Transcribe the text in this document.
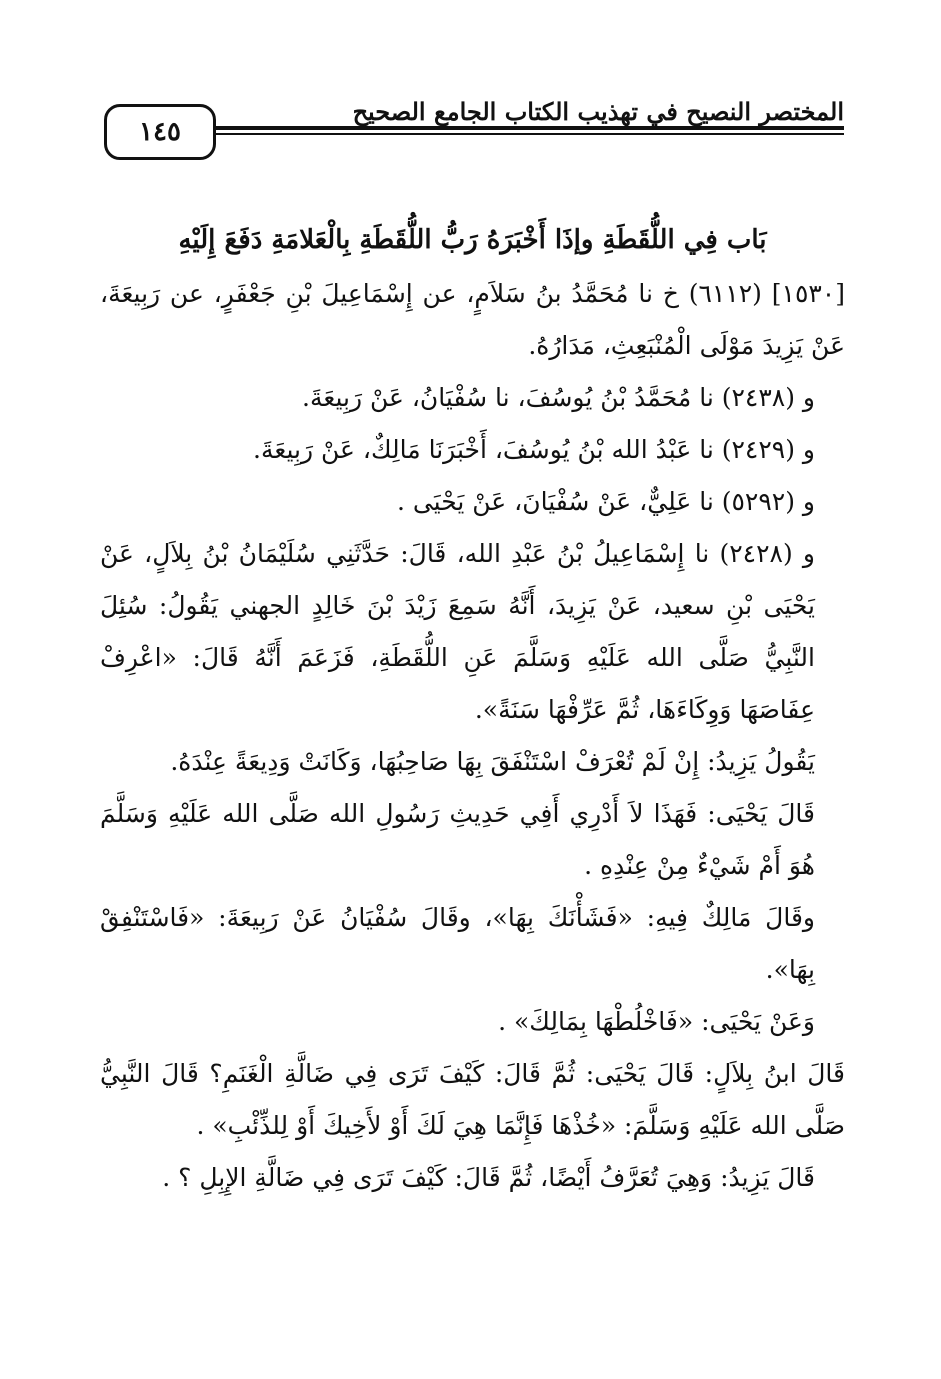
١٤٥
المختصر النصيح في تهذيب الكتاب الجامع الصحيح
بَاب فِي اللُّقَطَةِ وإذَا أَخْبَرَهُ رَبُّ اللُّقَطَةِ بِالْعَلامَةِ دَفَعَ إِلَيْهِ

[١٥٣٠] (٦١١٢) خ نا مُحَمَّدُ بنُ سَلاَمٍ، عن إِسْمَاعِيلَ بْنِ جَعْفَرٍ، عن رَبِيعَةَ، عَنْ يَزِيدَ مَوْلَى الْمُنْبَعِثِ، مَدَارُهُ.

و (٢٤٣٨) نا مُحَمَّدُ بْنُ يُوسُفَ، نا سُفْيَانُ، عَنْ رَبِيعَةَ.

و (٢٤٢٩) نا عَبْدُ الله بْنُ يُوسُفَ، أَخْبَرَنَا مَالِكٌ، عَنْ رَبِيعَةَ.

و (٥٢٩٢) نا عَلِيٌّ، عَنْ سُفْيَانَ، عَنْ يَحْيَى .

و (٢٤٢٨) نا إِسْمَاعِيلُ بْنُ عَبْدِ الله، قَالَ: حَدَّثَنِي سُلَيْمَانُ بْنُ بِلاَلٍ، عَنْ يَحْيَى بْنِ سعيد، عَنْ يَزِيدَ، أَنَّهُ سَمِعَ زَيْدَ بْنَ خَالِدٍ الجهني يَقُولُ: سُئِلَ النَّبِيُّ صَلَّى الله عَلَيْهِ وَسَلَّمَ عَنِ اللُّقَطَةِ، فَزَعَمَ أَنَّهُ قَالَ: «اعْرِفْ عِفَاصَهَا وَوِكَاءَهَا، ثُمَّ عَرِّفْهَا سَنَةً».

يَقُولُ يَزِيدُ: إِنْ لَمْ تُعْرَفْ اسْتَنْفَقَ بِهَا صَاحِبُهَا، وَكَانَتْ وَدِيعَةً عِنْدَهُ.

قَالَ يَحْيَى: فَهَذَا لاَ أَدْرِي أَفِي حَدِيثِ رَسُولِ الله صَلَّى الله عَلَيْهِ وَسَلَّمَ هُوَ أَمْ شَيْءٌ مِنْ عِنْدِهِ .

وقَالَ مَالِكٌ فِيهِ: «فَشَأْنَكَ بِهَا»، وقَالَ سُفْيَانُ عَنْ رَبِيعَةَ: «فَاسْتَنْفِقْ بِهَا».

وَعَنْ يَحْيَى: «فَاخْلُطْهَا بِمَالِكَ» .

قَالَ ابنُ بِلاَلٍ: قَالَ يَحْيَى: ثُمَّ قَالَ: كَيْفَ تَرَى فِي ضَالَّةِ الْغَنَمِ؟ قَالَ النَّبِيُّ صَلَّى الله عَلَيْهِ وَسَلَّمَ: «خُذْهَا فَإِنَّمَا هِيَ لَكَ أَوْ لأَخِيكَ أَوْ لِلذِّئْبِ» .

قَالَ يَزِيدُ: وَهِيَ تُعَرَّفُ أَيْضًا، ثُمَّ قَالَ: كَيْفَ تَرَى فِي ضَالَّةِ الإِبِلِ ؟ .
